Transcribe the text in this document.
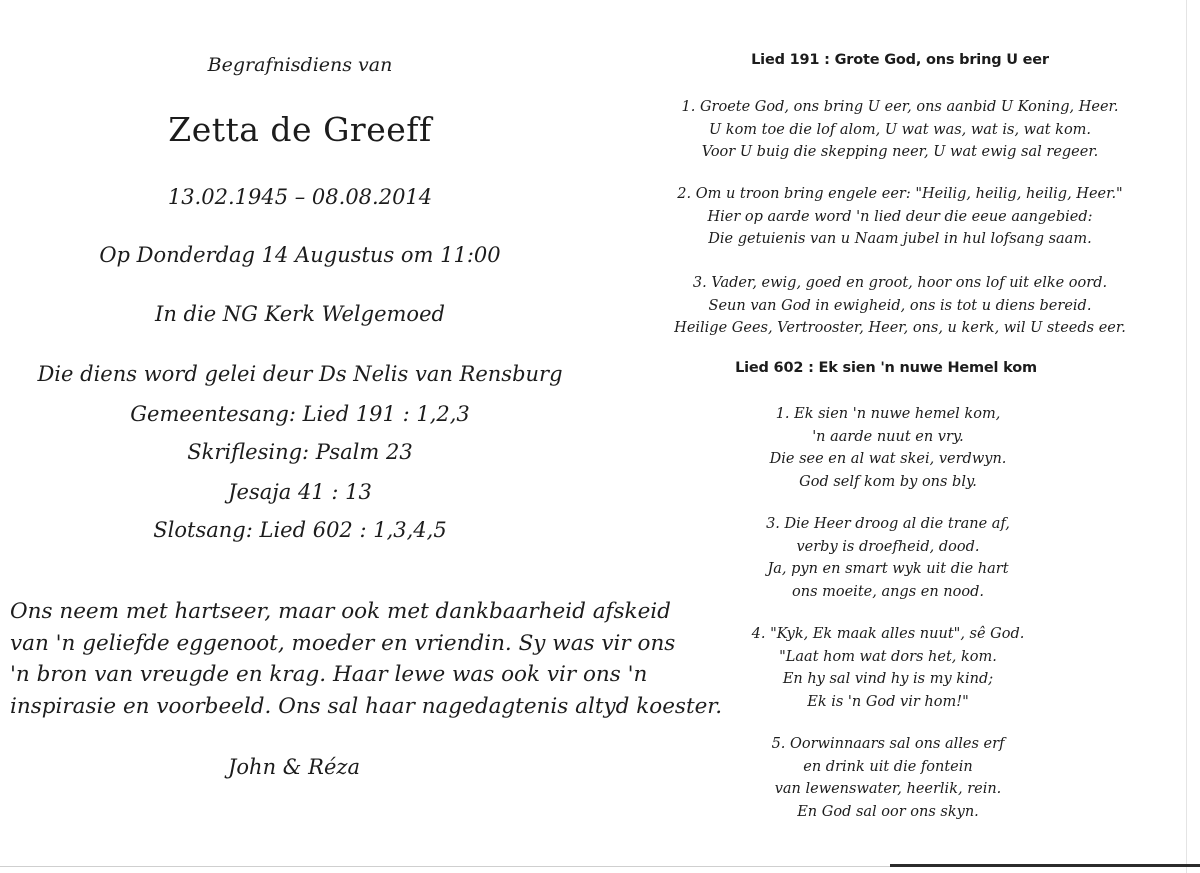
Begrafnisdiens van
Zetta de Greeff
13.02.1945 – 08.08.2014
Op Donderdag 14 Augustus om 11:00
In die NG Kerk Welgemoed
Die diens word gelei deur Ds Nelis van Rensburg
Gemeentesang: Lied 191 : 1,2,3
Skriflesing: Psalm 23
Jesaja 41 : 13
Slotsang: Lied 602 : 1,3,4,5
Ons neem met hartseer, maar ook met dankbaarheid afskeid
van 'n geliefde eggenoot, moeder en vriendin. Sy was vir ons
'n bron van vreugde en krag. Haar lewe was ook vir ons 'n
inspirasie en voorbeeld. Ons sal haar nagedagtenis altyd koester.
John & Réza
Lied 191 : Grote God, ons bring U eer
1. Groete God, ons bring U eer, ons aanbid U Koning, Heer.
U kom toe die lof alom, U wat was, wat is, wat kom.
Voor U buig die skepping neer, U wat ewig sal regeer.
2. Om u troon bring engele eer: "Heilig, heilig, heilig, Heer."
Hier op aarde word 'n lied deur die eeue aangebied:
Die getuienis van u Naam jubel in hul lofsang saam.
3. Vader, ewig, goed en groot, hoor ons lof uit elke oord.
Seun van God in ewigheid, ons is tot u diens bereid.
Heilige Gees, Vertrooster, Heer, ons, u kerk, wil U steeds eer.
Lied 602 : Ek sien 'n nuwe Hemel kom
1. Ek sien 'n nuwe hemel kom,
'n aarde nuut en vry.
Die see en al wat skei, verdwyn.
God self kom by ons bly.
3. Die Heer droog al die trane af,
verby is droefheid, dood.
Ja, pyn en smart wyk uit die hart
ons moeite, angs en nood.
4. "Kyk, Ek maak alles nuut", sê God.
"Laat hom wat dors het, kom.
En hy sal vind hy is my kind;
Ek is 'n God vir hom!"
5. Oorwinnaars sal ons alles erf
en drink uit die fontein
van lewenswater, heerlik, rein.
En God sal oor ons skyn.
